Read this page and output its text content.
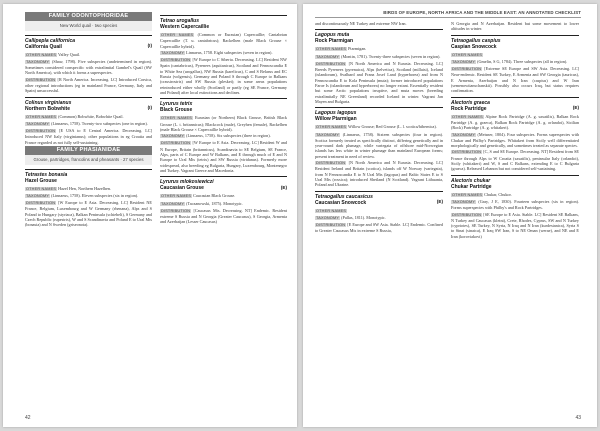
FAMILY ODONTOPHORIDAE
New World quail · two species
Callipepla californica
California Quail	(I)
OTHER NAMES Valley Quail.
TAXONOMY (Shaw, 1798). Five subspecies (undetermined in region). Sometimes considered conspecific with extralimital Gambel's Quail (SW North America), with which it forms a superspecies.
DISTRIBUTION [R North America. Increasing. LC] Introduced Corsica, other regional introductions (eg in mainland France, Germany, Italy and Spain) unsuccessful.
Colinus virginianus
Northern Bobwhite	(I)
OTHER NAMES (Common) Bobwhite, Bobwhite Quail.
TAXONOMY (Linnaeus, 1758). Twenty-two subspecies (one in region).
DISTRIBUTION [E USA to E Central America. Decreasing. LC] Introduced NW Italy (virginianus); other populations in eg Croatia and France regarded as not fully self-sustaining.
FAMILY PHASIANIDAE
Grouse, partridges, francolins and pheasants · 27 species
Tetrastes bonasia
Hazel Grouse
OTHER NAMES Hazel Hen, Northern Hazelhen.
TAXONOMY (Linnaeus, 1758). Eleven subspecies (six in region).
DISTRIBUTION [W Europe to E Asia. Decreasing. LC] Resident NE France, Belgium, Luxembourg and W Germany (rhenana), Alps and S Poland to Hungary (styriaca), Balkan Peninsula (schiebeli), S Germany and Czech Republic (rupestris), W and S Scandinavia and Poland E to Ural Mts (bonasia) and N Sweden (griseonota).
Tetrao urogallus
Western Capercaillie
OTHER NAMES (Common or Eurasian) Capercaillie; Cantabrian Capercaillie (T. u. cantabricus); Rackelhen (male Black Grouse × Capercaillie hybrid).
TAXONOMY Linnaeus, 1758. Eight subspecies (seven in region).
DISTRIBUTION [W Europe to C Siberia. Decreasing. LC] Resident NW Spain (cantabricus), Pyrenees (aquitanicus), Scotland and Fennoscandia E to White Sea (urogallus), NW Russia (karelicus), C and S Belarus and EC Russia (volgensis), Germany and Poland S through C Europe to Balkans (crassirostris) and SW Russia (pleskei); in some areas populations reintroduced either wholly (Scotland) or partly (eg SE France, Germany and Poland) after local extinctions and declines.
Lyrurus tetrix
Black Grouse
OTHER NAMES Eurasian (or Northern) Black Grouse, British Black Grouse (L. t. britannicus); Blackcock (male), Greyhen (female), Rackelhen (male Black Grouse × Capercaillie hybrid).
TAXONOMY (Linnaeus, 1758). Six subspecies (three in region).
DISTRIBUTION [W Europe to E Asia. Decreasing. LC] Resident W and N Europe, Britain (britannicus), Scandinavia to SE Belgium, SE France, Alps, parts of C Europe and W Balkans, and E through much of E and N Europe to Ural Mts (tetrix) and SW Russia (viridanus). Formerly more widespread, also breeding eg Bulgaria, Hungary, Luxembourg, Montenegro and Turkey. Vagrant Greece and Macedonia.
Lyrurus mlokosiewiczi
Caucasian Grouse	(E)
OTHER NAMES Caucasian Black Grouse.
TAXONOMY (Taczanowski, 1875). Monotypic.
DISTRIBUTION [Caucasus Mts. Decreasing. NT] Endemic. Resident extreme S Russia and N Georgia (Greater Caucasus), S Georgia, Armenia and Azerbaijan (Lesser Caucasus)
42
BIRDS OF EUROPE, NORTH AFRICA AND THE MIDDLE EAST: AN ANNOTATED CHECKLIST
and discontinuously NE Turkey and extreme NW Iran.
Lagopus muta
Rock Ptarmigan
OTHER NAMES Ptarmigan.
TAXONOMY (Montin, 1781). Twenty-three subspecies (seven in region).
DISTRIBUTION [N North America and N Eurasia. Decreasing. LC] Breeds Pyrenees (pyrenaica), Alps (helvetica), Scotland (millaisi), Iceland (islandorum), Svalbard and Franz Josef Land (hyperborea) and from N Fennoscandia E to Kola Peninsula (muta); former introduced populations Faroe Is (islandorum and hyperborea) no longer extant. Essentially resident but some Arctic populations irruptive, and muta moves (breeding extralimitally NE Greenland) recorded Iceland in winter. Vagrant Jan Mayen and Bulgaria.
Lagopus lagopus
Willow Ptarmigan
OTHER NAMES Willow Grouse; Red Grouse (L. l. scotica/hibernica).
TAXONOMY (Linnaeus, 1758). Sixteen subspecies (four in region). Scotica formerly treated as specifically distinct, differing genetically and in year-round dark plumage, while variegata of offshore mid-Norwegian islands has less white in winter plumage than mainland European forms; present treatment in need of review.
DISTRIBUTION [N North America and N Eurasia. Decreasing. LC] Resident Ireland and Britain (scotica), islands off W Norway (variegata), from N Fennoscandia E to N Ural Mts (lagopus) and Baltic States E to S Ural Mts (rossica); introduced Shetland (N Scotland). Vagrant Lithuania, Poland and Ukraine.
Tetraogallus caucasicus
Caucasian Snowcock	(E)
OTHER NAMES
TAXONOMY (Pallas, 1811). Monotypic.
DISTRIBUTION [E Europe and SW Asia. Stable. LC] Endemic. Confined to Greater Caucasus Mts in extreme S Russia,
N Georgia and N Azerbaijan. Resident but some movement to lower altitudes in winter.
Tetraogallus caspius
Caspian Snowcock
OTHER NAMES
TAXONOMY (Gmelin, S G, 1784). Three subspecies (all in region).
DISTRIBUTION [Extreme SE Europe and SW Asia. Decreasing. LC] Near-endemic. Resident SE Turkey, E Armenia and SW Georgia (tauricus), E Armenia, Azerbaijan and N Iran (caspius) and W Iran (semenowtianschanskii). Possibly also occurs Iraq, but status requires confirmation.
Alectoris graeca
Rock Partridge	(E)
OTHER NAMES Alpine Rock Partridge (A. g. saxatilis), Balkan Rock Partridge (A. g. graeca), Balkan Rock Partridge (A. g. orlandoi), Sicilian (Rock) Partridge (A. g. whitakeri).
TAXONOMY (Meisner, 1804). Four subspecies. Forms superspecies with Chukar and Philby's Partridges. Whitakeri from Sicily well differentiated morphologically and genetically, and sometimes treated as separate species.
DISTRIBUTION [C, S and SE Europe. Decreasing. NT] Resident from SE France through Alps to W Croatia (saxatilis), peninsular Italy (orlandoi), Sicily (whitakeri) and W, S and C Balkans, extending E to C Bulgaria (graeca). Released Lebanon but not considered self-sustaining.
Alectoris chukar
Chukar Partridge
OTHER NAMES Chukar, Chukor.
TAXONOMY (Gray, J E, 1830). Fourteen subspecies (six in region). Forms superspecies with Philby's and Rock Partridges.
DISTRIBUTION [SE Europe to E Asia. Stable. LC] Resident SE Balkans, N Turkey and Caucasus (kleini), Crete, Rhodes, Cyprus, SW and N Turkey (cypriotes), SE Turkey, N Syria, N Iraq and N Iran (kurdestanica), Syria S to Sinai (sinaica), E Iraq SW Iran, S to NE Oman (werae), and NE and E Iran (koroviakovi)
43
